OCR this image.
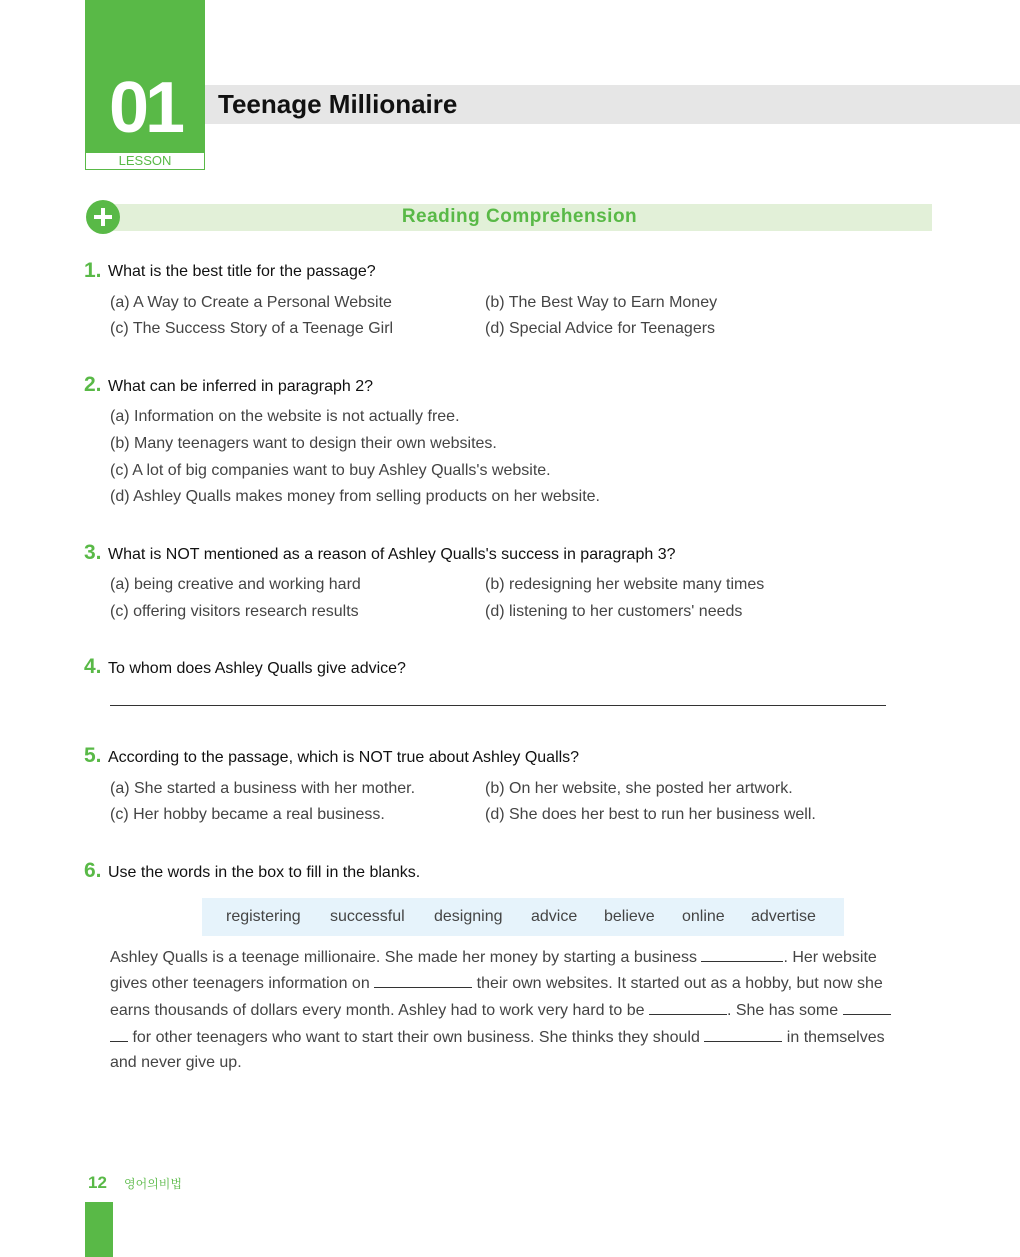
01
LESSON
Teenage Millionaire
Reading Comprehension
1. What is the best title for the passage?
(a) A Way to Create a Personal Website	(b) The Best Way to Earn Money
(c) The Success Story of a Teenage Girl	(d) Special Advice for Teenagers
2. What can be inferred in paragraph 2?
(a) Information on the website is not actually free.
(b) Many teenagers want to design their own websites.
(c) A lot of big companies want to buy Ashley Qualls's website.
(d) Ashley Qualls makes money from selling products on her website.
3. What is NOT mentioned as a reason of Ashley Qualls's success in paragraph 3?
(a) being creative and working hard	(b) redesigning her website many times
(c) offering visitors research results	(d) listening to her customers' needs
4. To whom does Ashley Qualls give advice?
5. According to the passage, which is NOT true about Ashley Qualls?
(a) She started a business with her mother.	(b) On her website, she posted her artwork.
(c) Her hobby became a real business.	(d) She does her best to run her business well.
6. Use the words in the box to fill in the blanks.
registering successful designing advice believe online advertise
Ashley Qualls is a teenage millionaire. She made her money by starting a business	. Her website
gives other teenagers information on	their own websites. It started out as a hobby, but now she
earns thousands of dollars every month. Ashley had to work very hard to be	. She has some
for other teenagers who want to start their own business. She thinks they should	in themselves
and never give up.
12 영어의비법
